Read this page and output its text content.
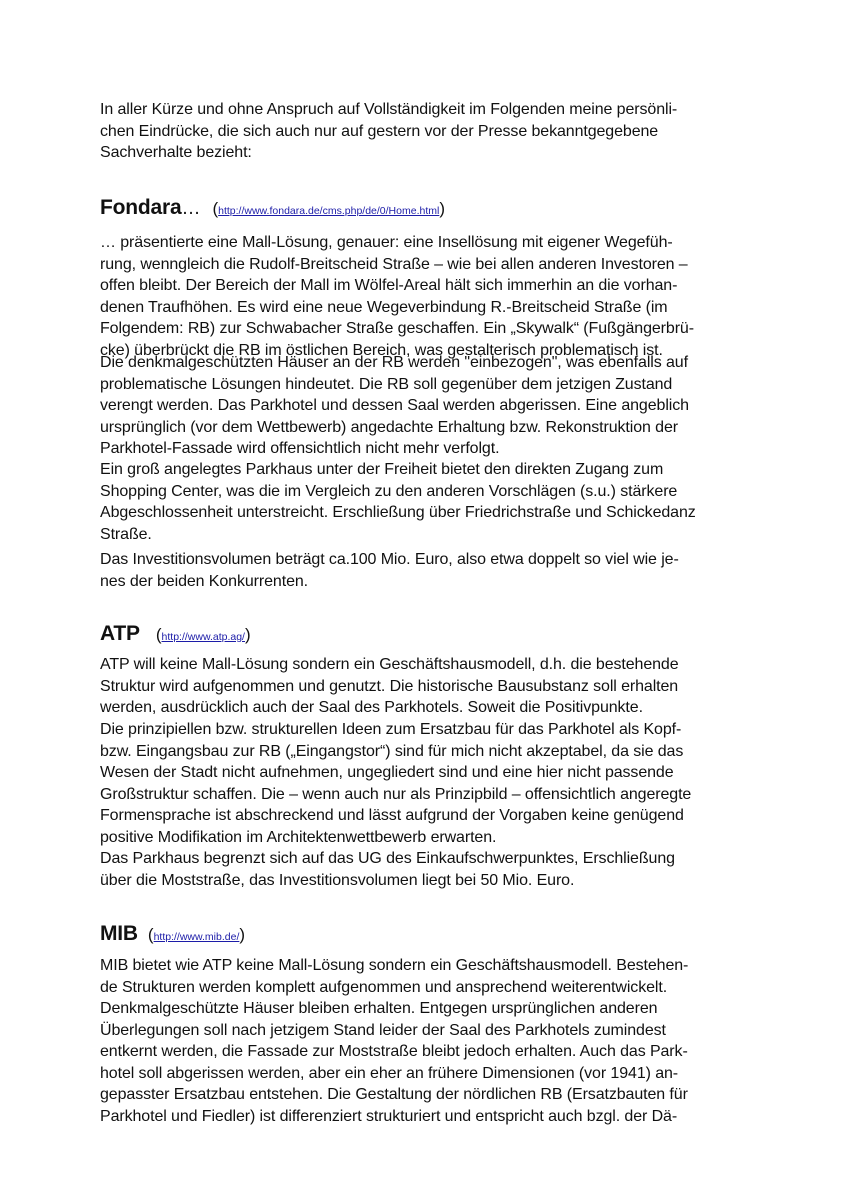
In aller Kürze und ohne Anspruch auf Vollständigkeit im Folgenden meine persönli-
chen Eindrücke, die sich auch nur auf gestern vor der Presse bekanntgegebene
Sachverhalte bezieht:

Fondara … ( http://www.fondara.de/cms.php/de/0/Home.html )

… präsentierte eine Mall-Lösung, genauer: eine Insellösung mit eigener Wegefüh-
rung, wenngleich die Rudolf-Breitscheid Straße – wie bei allen anderen Investoren –
offen bleibt. Der Bereich der Mall im Wölfel-Areal hält sich immerhin an die vorhan-
denen Traufhöhen. Es wird eine neue Wegeverbindung R.-Breitscheid Straße (im
Folgendem: RB) zur Schwabacher Straße geschaffen. Ein „Skywalk“ (Fußgängerbrü-
cke) überbrückt die RB im östlichen Bereich, was gestalterisch problematisch ist.

Die denkmalgeschützten Häuser an der RB werden "einbezogen", was ebenfalls auf
problematische Lösungen hindeutet. Die RB soll gegenüber dem jetzigen Zustand
verengt werden. Das Parkhotel und dessen Saal werden abgerissen. Eine angeblich
ursprünglich (vor dem Wettbewerb) angedachte Erhaltung bzw. Rekonstruktion der
Parkhotel-Fassade wird offensichtlich nicht mehr verfolgt.

Ein groß angelegtes Parkhaus unter der Freiheit bietet den direkten Zugang zum
Shopping Center, was die im Vergleich zu den anderen Vorschlägen (s.u.) stärkere
Abgeschlossenheit unterstreicht. Erschließung über Friedrichstraße und Schickedanz
Straße.

Das Investitionsvolumen beträgt ca.100 Mio. Euro, also etwa doppelt so viel wie je-
nes der beiden Konkurrenten.

ATP ( http://www.atp.ag/ )

ATP will keine Mall-Lösung sondern ein Geschäftshausmodell, d.h. die bestehende
Struktur wird aufgenommen und genutzt. Die historische Bausubstanz soll erhalten
werden, ausdrücklich auch der Saal des Parkhotels. Soweit die Positivpunkte.

Die prinzipiellen bzw. strukturellen Ideen zum Ersatzbau für das Parkhotel als Kopf-
bzw. Eingangsbau zur RB („Eingangstor“) sind für mich nicht akzeptabel, da sie das
Wesen der Stadt nicht aufnehmen, ungegliedert sind und eine hier nicht passende
Großstruktur schaffen. Die – wenn auch nur als Prinzipbild – offensichtlich angeregte
Formensprache ist abschreckend und lässt aufgrund der Vorgaben keine genügend
positive Modifikation im Architektenwettbewerb erwarten.

Das Parkhaus begrenzt sich auf das UG des Einkaufschwerpunktes, Erschließung
über die Moststraße, das Investitionsvolumen liegt bei 50 Mio. Euro.

MIB ( http://www.mib.de/ )

MIB bietet wie ATP keine Mall-Lösung sondern ein Geschäftshausmodell. Bestehen-
de Strukturen werden komplett aufgenommen und ansprechend weiterentwickelt.
Denkmalgeschützte Häuser bleiben erhalten. Entgegen ursprünglichen anderen
Überlegungen soll nach jetzigem Stand leider der Saal des Parkhotels zumindest
entkernt werden, die Fassade zur Moststraße bleibt jedoch erhalten. Auch das Park-
hotel soll abgerissen werden, aber ein eher an frühere Dimensionen (vor 1941) an-
gepasster Ersatzbau entstehen. Die Gestaltung der nördlichen RB (Ersatzbauten für
Parkhotel und Fiedler) ist differenziert strukturiert und entspricht auch bzgl. der Dä-
